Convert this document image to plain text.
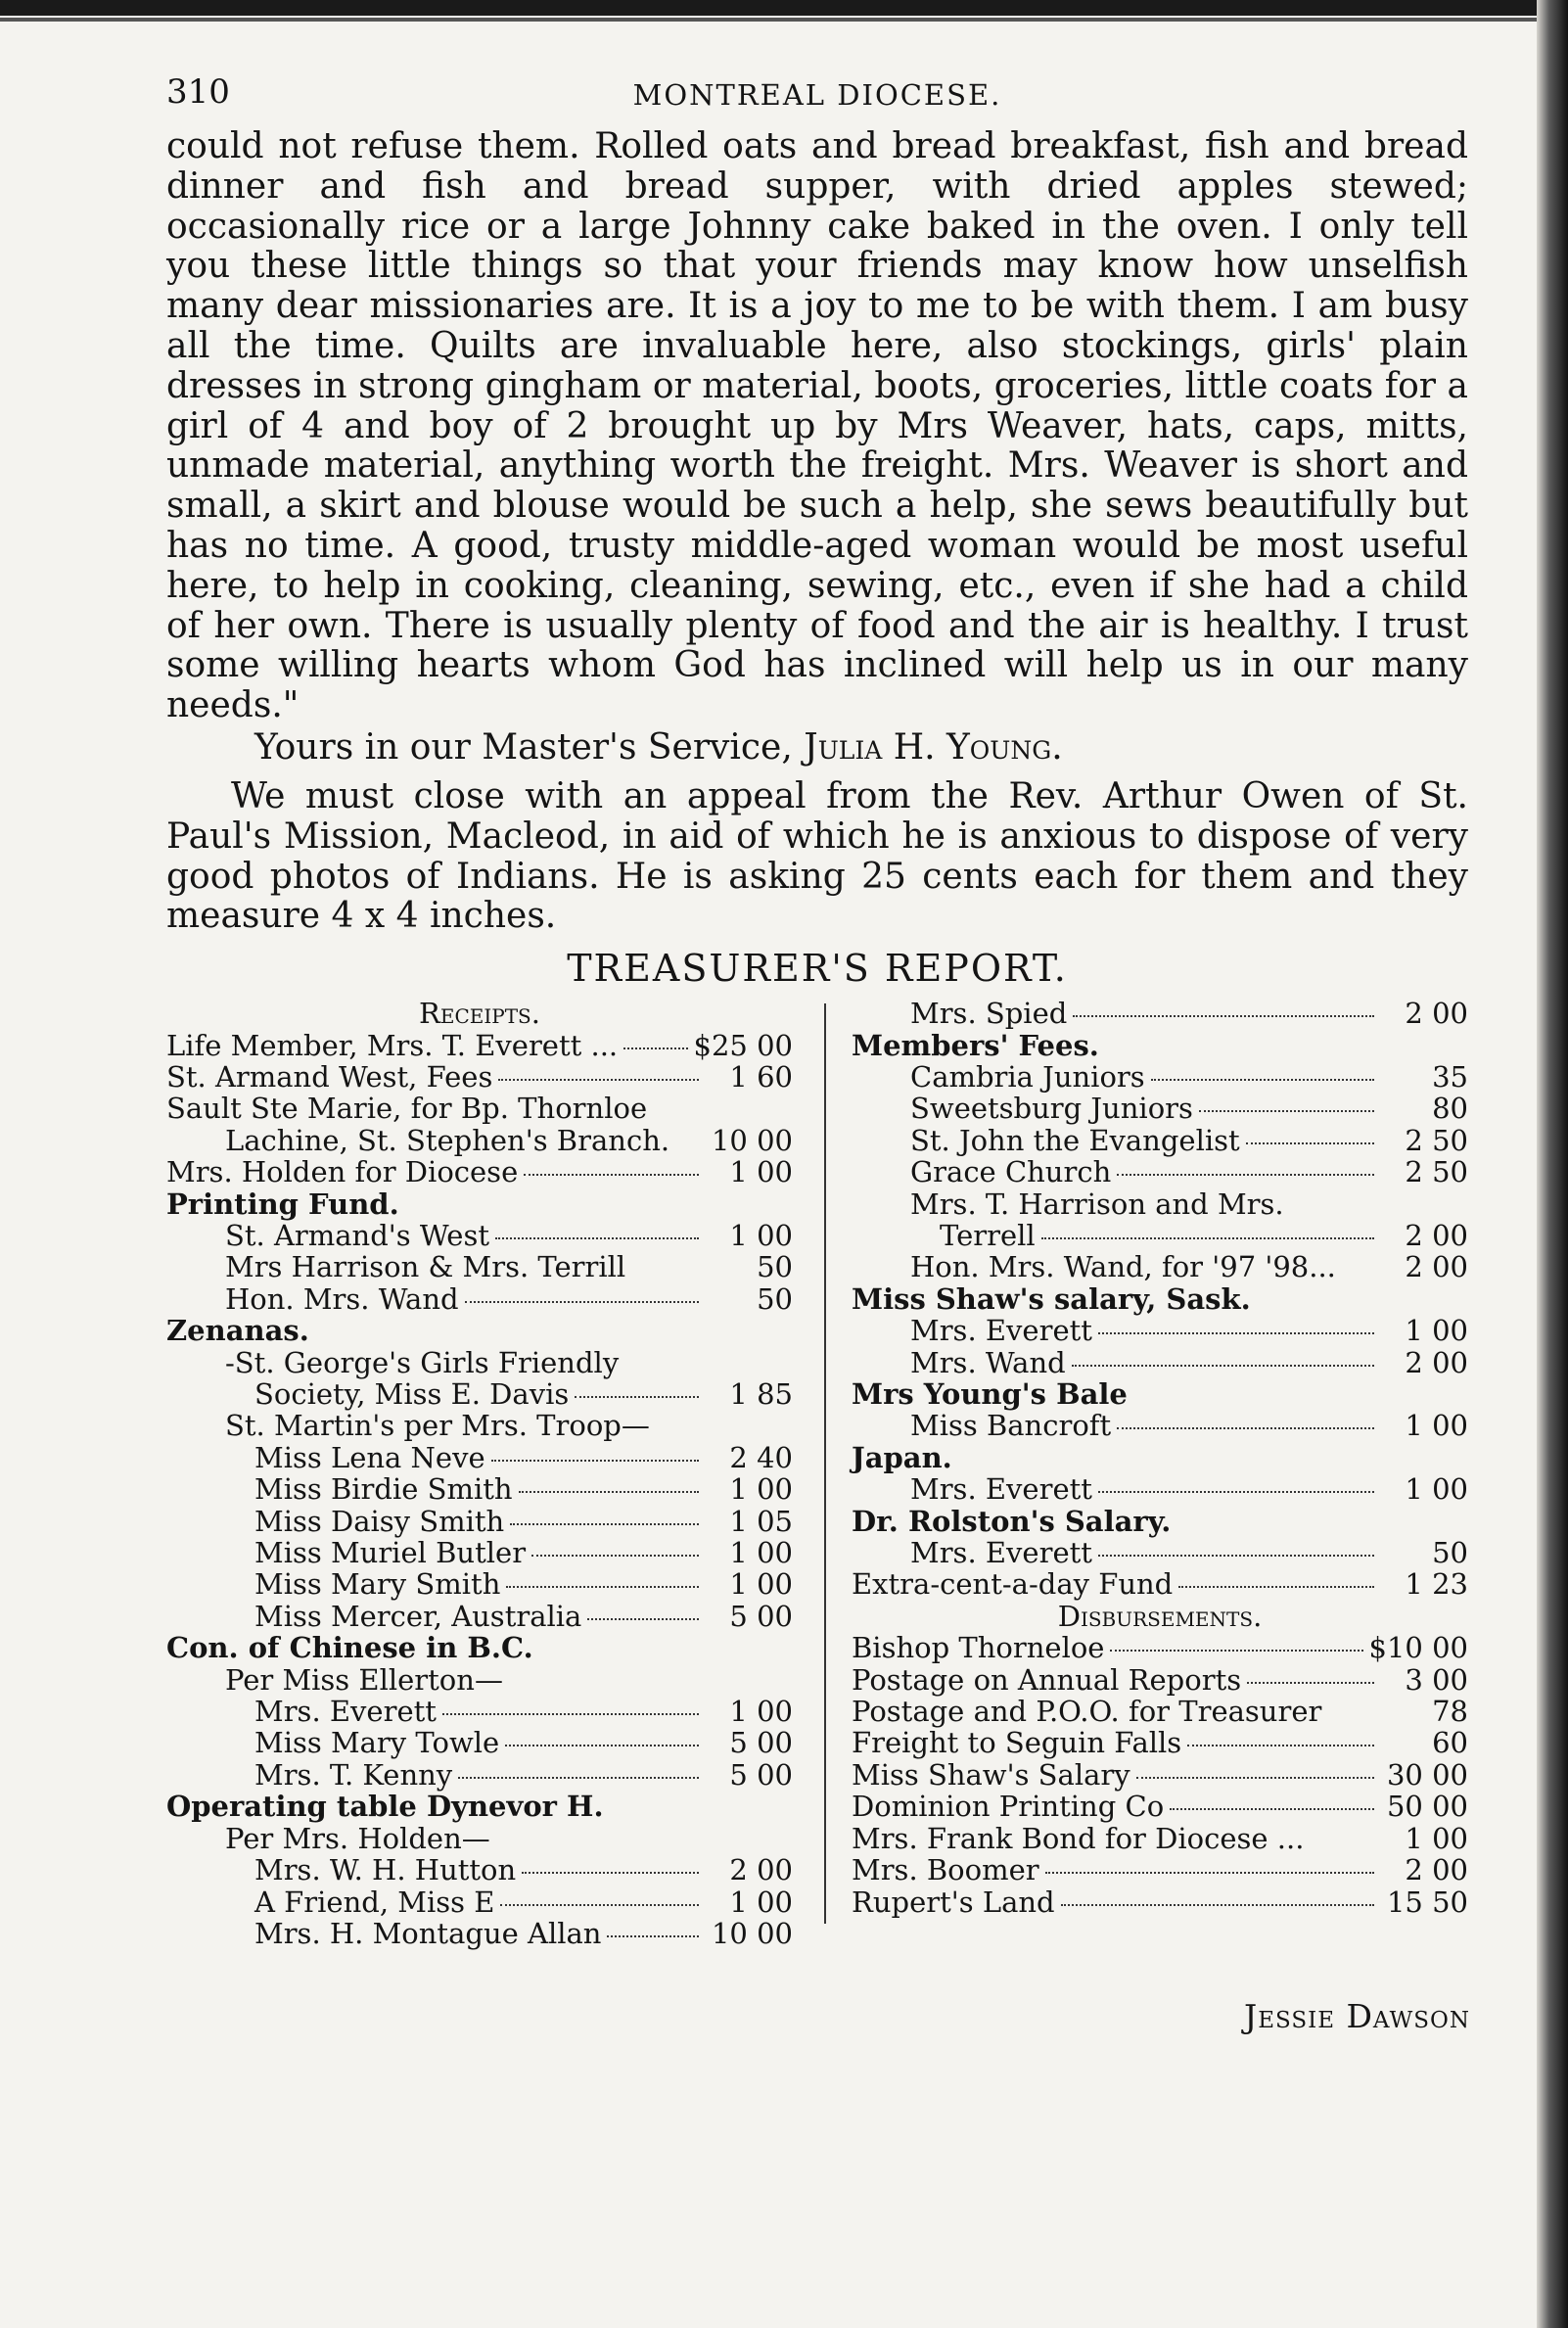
310	MONTREAL DIOCESE.

could not refuse them. Rolled oats and bread breakfast, fish and bread dinner and fish and bread supper, with dried apples stewed; occasionally rice or a large Johnny cake baked in the oven. I only tell you these little things so that your friends may know how unselfish many dear missionaries are. It is a joy to me to be with them. I am busy all the time. Quilts are invaluable here, also stockings, girls' plain dresses in strong gingham or material, boots, groceries, little coats for a girl of 4 and boy of 2 brought up by Mrs Weaver, hats, caps, mitts, unmade material, anything worth the freight. Mrs. Weaver is short and small, a skirt and blouse would be such a help, she sews beautifully but has no time. A good, trusty middle-aged woman would be most useful here, to help in cooking, cleaning, sewing, etc., even if she had a child of her own. There is usually plenty of food and the air is healthy. I trust some willing hearts whom God has inclined will help us in our many needs."

Yours in our Master's Service, Julia H. Young.

We must close with an appeal from the Rev. Arthur Owen of St. Paul's Mission, Macleod, in aid of which he is anxious to dispose of very good photos of Indians. He is asking 25 cents each for them and they measure 4 x 4 inches.

TREASURER'S REPORT.
Receipts.
Life Member, Mrs. T. Everett ...	$25 00
St. Armand West, Fees	1 60
Sault Ste Marie, for Bp. Thornloe
Lachine, St. Stephen's Branch. 10 00
Mrs. Holden for Diocese	1 00
Printing Fund.
St. Armand's West	1 00
Mrs Harrison & Mrs. Terrill	50
Hon. Mrs. Wand	50
Zenanas.
-St. George's Girls Friendly
Society, Miss E. Davis	1 85
St. Martin's per Mrs. Troop—
Miss Lena Neve	2 40
Miss Birdie Smith	1 00
Miss Daisy Smith	1 05
Miss Muriel Butler	1 00
Miss Mary Smith	1 00
Miss Mercer, Australia	5 00
Con. of Chinese in B.C.
Per Miss Ellerton—
Mrs. Everett	1 00
Miss Mary Towle	5 00
Mrs. T. Kenny	5 00
Operating table Dynevor H.
Per Mrs. Holden—
Mrs. W. H. Hutton	2 00
A Friend, Miss E	1 00
Mrs. H. Montague Allan	10 00
Mrs. Spied	2 00
Members' Fees.
Cambria Juniors	35
Sweetsburg Juniors	80
St. John the Evangelist	2 50
Grace Church	2 50
Mrs. T. Harrison and Mrs.
Terrell	2 00
Hon. Mrs. Wand, for '97 '98...	2 00
Miss Shaw's salary, Sask.
Mrs. Everett	1 00
Mrs. Wand	2 00
Mrs Young's Bale
Miss Bancroft	1 00
Japan.
Mrs. Everett	1 00
Dr. Rolston's Salary.
Mrs. Everett	50
Extra-cent-a-day Fund	1 23
Disbursements.
Bishop Thorneloe	$10 00
Postage on Annual Reports	3 00
Postage and P.O.O. for Treasurer	78
Freight to Seguin Falls	60
Miss Shaw's Salary	30 00
Dominion Printing Co	50 00
Mrs. Frank Bond for Diocese ...	1 00
Mrs. Boomer	2 00
Rupert's Land	15 50
Jessie Dawson
